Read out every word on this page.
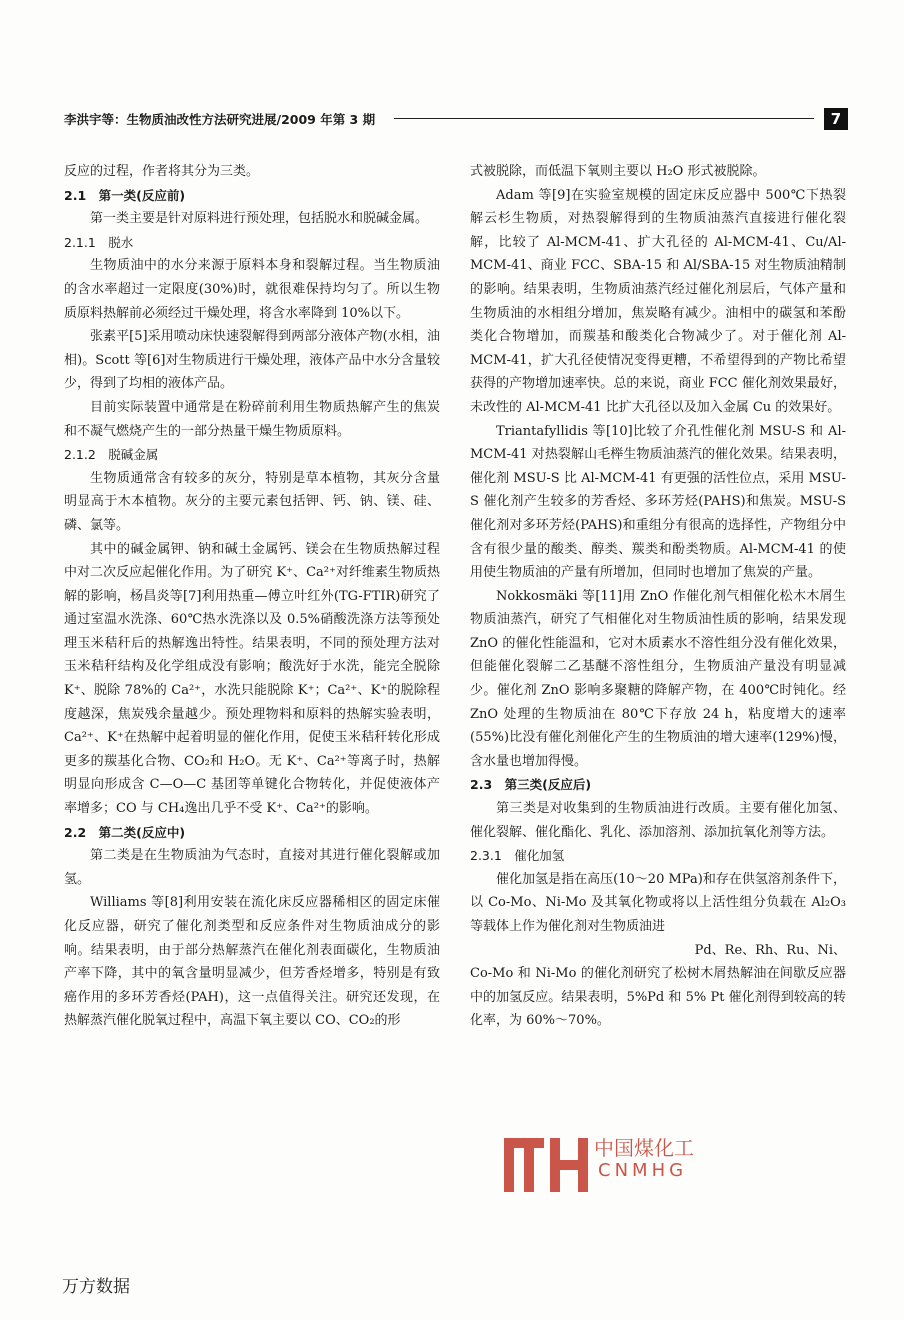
李洪宇等：生物质油改性方法研究进展/2009 年第 3 期	7

反应的过程，作者将其分为三类。

2.1　第一类(反应前)

第一类主要是针对原料进行预处理，包括脱水和脱碱金属。

2.1.1　脱水

生物质油中的水分来源于原料本身和裂解过程。当生物质油的含水率超过一定限度(30%)时，就很难保持均匀了。所以生物质原料热解前必须经过干燥处理，将含水率降到 10%以下。

张素平[5]采用喷动床快速裂解得到两部分液体产物(水相，油相)。Scott 等[6]对生物质进行干燥处理，液体产品中水分含量较少，得到了均相的液体产品。

目前实际装置中通常是在粉碎前利用生物质热解产生的焦炭和不凝气燃烧产生的一部分热量干燥生物质原料。

2.1.2　脱碱金属

生物质通常含有较多的灰分，特别是草本植物，其灰分含量明显高于木本植物。灰分的主要元素包括钾、钙、钠、镁、硅、磷、氯等。

其中的碱金属钾、钠和碱土金属钙、镁会在生物质热解过程中对二次反应起催化作用。为了研究 K⁺、Ca²⁺对纤维素生物质热解的影响，杨昌炎等[7]利用热重—傅立叶红外(TG-FTIR)研究了通过室温水洗涤、60℃热水洗涤以及 0.5%硝酸洗涤方法等预处理玉米秸秆后的热解逸出特性。结果表明，不同的预处理方法对玉米秸秆结构及化学组成没有影响；酸洗好于水洗，能完全脱除 K⁺、脱除 78%的 Ca²⁺，水洗只能脱除 K⁺；Ca²⁺、K⁺的脱除程度越深，焦炭残余量越少。预处理物料和原料的热解实验表明，Ca²⁺、K⁺在热解中起着明显的催化作用，促使玉米秸秆转化形成更多的羰基化合物、CO₂和 H₂O。无 K⁺、Ca²⁺等离子时，热解明显向形成含 C—O—C 基团等单键化合物转化，并促使液体产率增多；CO 与 CH₄逸出几乎不受 K⁺、Ca²⁺的影响。

2.2　第二类(反应中)

第二类是在生物质油为气态时，直接对其进行催化裂解或加氢。

Williams 等[8]利用安装在流化床反应器稀相区的固定床催化反应器，研究了催化剂类型和反应条件对生物质油成分的影响。结果表明，由于部分热解蒸汽在催化剂表面碳化，生物质油产率下降，其中的氧含量明显减少，但芳香烃增多，特别是有致癌作用的多环芳香烃(PAH)，这一点值得关注。研究还发现，在热解蒸汽催化脱氧过程中，高温下氧主要以 CO、CO₂的形

式被脱除，而低温下氧则主要以 H₂O 形式被脱除。

Adam 等[9]在实验室规模的固定床反应器中 500℃下热裂解云杉生物质，对热裂解得到的生物质油蒸汽直接进行催化裂解，比较了 Al-MCM-41、扩大孔径的 Al-MCM-41、Cu/Al-MCM-41、商业 FCC、SBA-15 和 Al/SBA-15 对生物质油精制的影响。结果表明，生物质油蒸汽经过催化剂层后，气体产量和生物质油的水相组分增加，焦炭略有减少。油相中的碳氢和苯酚类化合物增加，而羰基和酸类化合物减少了。对于催化剂 Al-MCM-41，扩大孔径使情况变得更糟，不希望得到的产物比希望获得的产物增加速率快。总的来说，商业 FCC 催化剂效果最好，未改性的 Al-MCM-41 比扩大孔径以及加入金属 Cu 的效果好。

Triantafyllidis 等[10]比较了介孔性催化剂 MSU-S 和 Al-MCM-41 对热裂解山毛榉生物质油蒸汽的催化效果。结果表明，催化剂 MSU-S 比 Al-MCM-41 有更强的活性位点，采用 MSU-S 催化剂产生较多的芳香烃、多环芳烃(PAHS)和焦炭。MSU-S 催化剂对多环芳烃(PAHS)和重组分有很高的选择性，产物组分中含有很少量的酸类、醇类、羰类和酚类物质。Al-MCM-41 的使用使生物质油的产量有所增加，但同时也增加了焦炭的产量。

Nokkosmäki 等[11]用 ZnO 作催化剂气相催化松木木屑生物质油蒸汽，研究了气相催化对生物质油性质的影响，结果发现 ZnO 的催化性能温和，它对木质素水不溶性组分没有催化效果，但能催化裂解二乙基醚不溶性组分，生物质油产量没有明显减少。催化剂 ZnO 影响多聚糖的降解产物，在 400℃时钝化。经 ZnO 处理的生物质油在 80℃下存放 24 h，粘度增大的速率(55%)比没有催化剂催化产生的生物质油的增大速率(129%)慢，含水量也增加得慢。

2.3　第三类(反应后)

第三类是对收集到的生物质油进行改质。主要有催化加氢、催化裂解、催化酯化、乳化、添加溶剂、添加抗氧化剂等方法。

2.3.1　催化加氢

催化加氢是指在高压(10～20 MPa)和存在供氢溶剂条件下，以 Co-Mo、Ni-Mo 及其氧化物或将以上活性组分负载在 Al₂O₃等载体上作为催化剂对生物质油进

Pd、Re、Rh、Ru、Ni、

Co-Mo 和 Ni-Mo 的催化剂研究了松树木屑热解油在间歇反应器中的加氢反应。结果表明，5%Pd 和 5% Pt 催化剂得到较高的转化率，为 60%～70%。

中国煤化工
CNMHG
万方数据
